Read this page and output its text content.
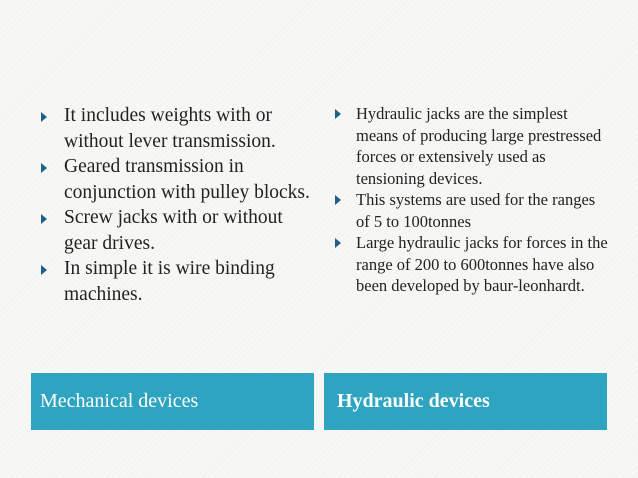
It includes weights with or without lever transmission.
Geared transmission in conjunction with pulley blocks.
Screw jacks with or without gear drives.
In simple it is wire binding machines.
Hydraulic jacks are the simplest means of producing large prestressed forces or extensively used as tensioning devices.
This systems are used for the ranges of 5 to 100tonnes
Large hydraulic jacks for forces in the range of 200 to 600tonnes have also been developed by baur-leonhardt.
Mechanical devices	Hydraulic devices
